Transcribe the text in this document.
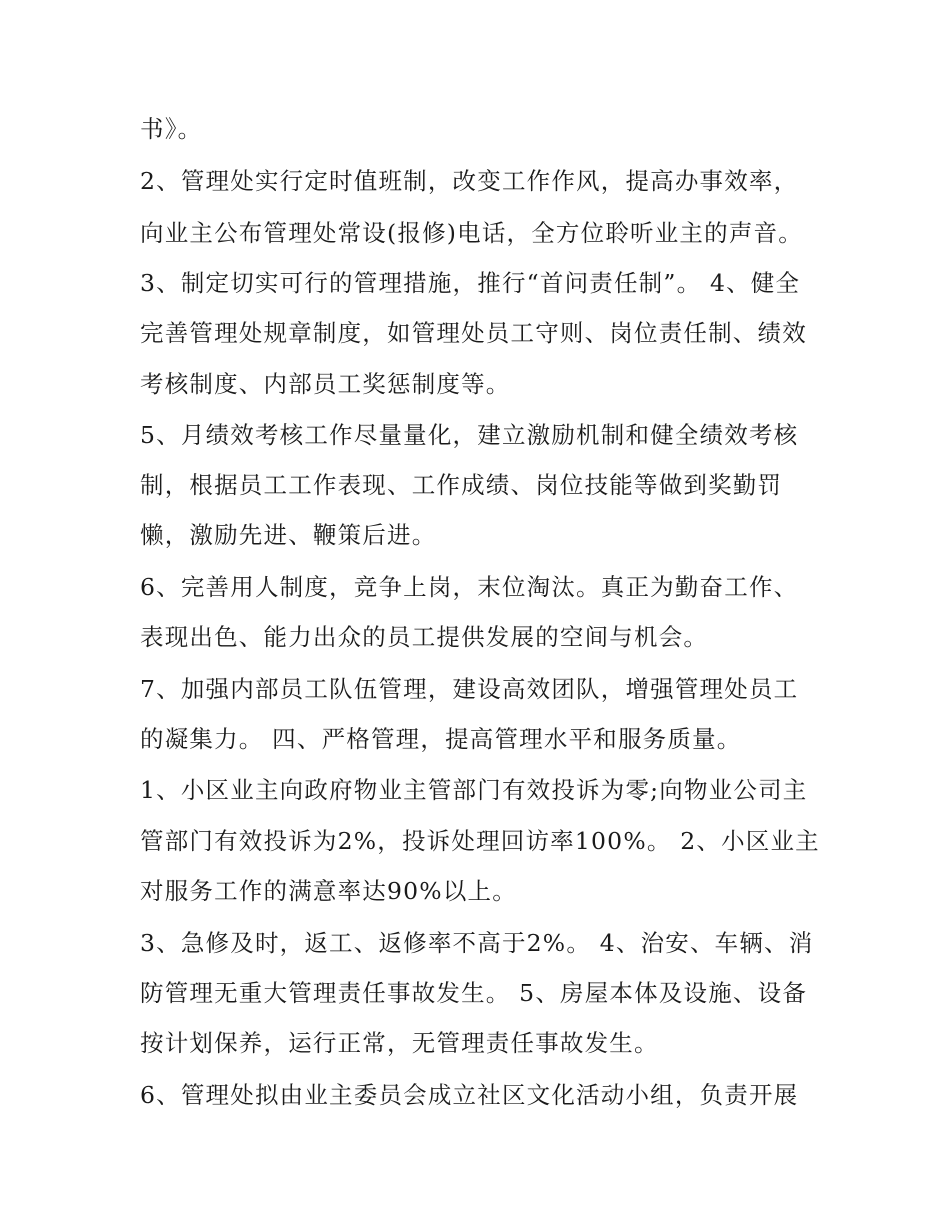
书》。
2、管理处实行定时值班制，改变工作作风，提高办事效率，
向业主公布管理处常设(报修)电话，全方位聆听业主的声音。
3、制定切实可行的管理措施，推行“首问责任制”。 4、健全
完善管理处规章制度，如管理处员工守则、岗位责任制、绩效
考核制度、内部员工奖惩制度等。
5、月绩效考核工作尽量量化，建立激励机制和健全绩效考核
制，根据员工工作表现、工作成绩、岗位技能等做到奖勤罚
懒，激励先进、鞭策后进。
6、完善用人制度，竞争上岗，末位淘汰。真正为勤奋工作、
表现出色、能力出众的员工提供发展的空间与机会。
7、加强内部员工队伍管理，建设高效团队，增强管理处员工
的凝集力。 四、严格管理，提高管理水平和服务质量。
1、小区业主向政府物业主管部门有效投诉为零;向物业公司主
管部门有效投诉为2%，投诉处理回访率100%。 2、小区业主
对服务工作的满意率达90%以上。
3、急修及时，返工、返修率不高于2%。 4、治安、车辆、消
防管理无重大管理责任事故发生。 5、房屋本体及设施、设备
按计划保养，运行正常，无管理责任事故发生。
6、管理处拟由业主委员会成立社区文化活动小组，负责开展
